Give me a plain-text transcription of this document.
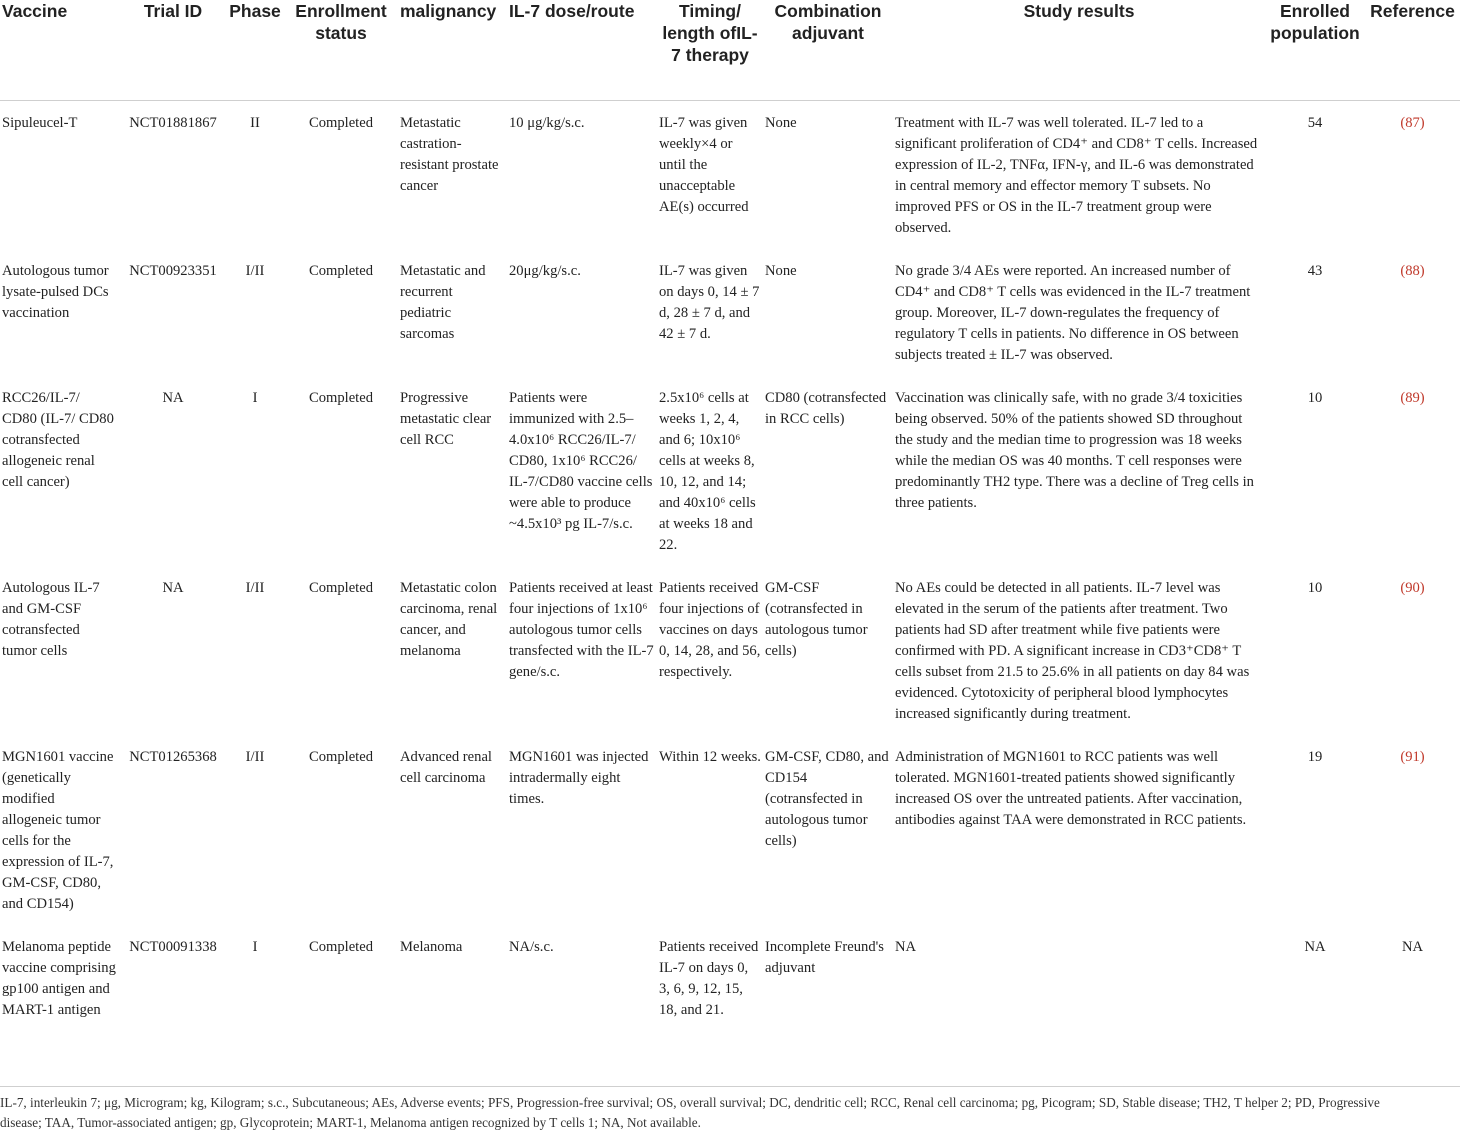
Vaccine	Trial ID	Phase	Enrollment status	malignancy	IL-7 dose/route	Timing/ length ofIL-7 therapy	Combination adjuvant	Study results	Enrolled population	Reference
Sipuleucel-T	NCT01881867	II	Completed	Metastatic castration-resistant prostate cancer	10 μg/kg/s.c.	IL-7 was given weekly×4 or until the unacceptable AE(s) occurred	None	Treatment with IL-7 was well tolerated. IL-7 led to a significant proliferation of CD4⁺ and CD8⁺ T cells. Increased expression of IL-2, TNFα, IFN-γ, and IL-6 was demonstrated in central memory and effector memory T subsets. No improved PFS or OS in the IL-7 treatment group were observed.	54	(87)
Autologous tumor lysate-pulsed DCs vaccination	NCT00923351	I/II	Completed	Metastatic and recurrent pediatric sarcomas	20μg/kg/s.c.	IL-7 was given on days 0, 14 ± 7 d, 28 ± 7 d, and 42 ± 7 d.	None	No grade 3/4 AEs were reported. An increased number of CD4⁺ and CD8⁺ T cells was evidenced in the IL-7 treatment group. Moreover, IL-7 down-regulates the frequency of regulatory T cells in patients. No difference in OS between subjects treated ± IL-7 was observed.	43	(88)
RCC26/IL-7/ CD80 (IL-7/ CD80 cotransfected allogeneic renal cell cancer)	NA	I	Completed	Progressive metastatic clear cell RCC	Patients were immunized with 2.5–4.0x10⁶ RCC26/IL-7/ CD80, 1x10⁶ RCC26/ IL-7/CD80 vaccine cells were able to produce ~4.5x10³ pg IL-7/s.c.	2.5x10⁶ cells at weeks 1, 2, 4, and 6; 10x10⁶ cells at weeks 8, 10, 12, and 14; and 40x10⁶ cells at weeks 18 and 22.	CD80 (cotransfected in RCC cells)	Vaccination was clinically safe, with no grade 3/4 toxicities being observed. 50% of the patients showed SD throughout the study and the median time to progression was 18 weeks while the median OS was 40 months. T cell responses were predominantly TH2 type. There was a decline of Treg cells in three patients.	10	(89)
Autologous IL-7 and GM-CSF cotransfected tumor cells	NA	I/II	Completed	Metastatic colon carcinoma, renal cancer, and melanoma	Patients received at least four injections of 1x10⁶ autologous tumor cells transfected with the IL-7 gene/s.c.	Patients received four injections of vaccines on days 0, 14, 28, and 56, respectively.	GM-CSF (cotransfected in autologous tumor cells)	No AEs could be detected in all patients. IL-7 level was elevated in the serum of the patients after treatment. Two patients had SD after treatment while five patients were confirmed with PD. A significant increase in CD3⁺CD8⁺ T cells subset from 21.5 to 25.6% in all patients on day 84 was evidenced. Cytotoxicity of peripheral blood lymphocytes increased significantly during treatment.	10	(90)
MGN1601 vaccine (genetically modified allogeneic tumor cells for the expression of IL-7, GM-CSF, CD80, and CD154)	NCT01265368	I/II	Completed	Advanced renal cell carcinoma	MGN1601 was injected intradermally eight times.	Within 12 weeks.	GM-CSF, CD80, and CD154 (cotransfected in autologous tumor cells)	Administration of MGN1601 to RCC patients was well tolerated. MGN1601-treated patients showed significantly increased OS over the untreated patients. After vaccination, antibodies against TAA were demonstrated in RCC patients.	19	(91)
Melanoma peptide vaccine comprising gp100 antigen and MART-1 antigen	NCT00091338	I	Completed	Melanoma	NA/s.c.	Patients received IL-7 on days 0, 3, 6, 9, 12, 15, 18, and 21.	Incomplete Freund's adjuvant	NA	NA	NA
IL-7, interleukin 7; μg, Microgram; kg, Kilogram; s.c., Subcutaneous; AEs, Adverse events; PFS, Progression-free survival; OS, overall survival; DC, dendritic cell; RCC, Renal cell carcinoma; pg, Picogram; SD, Stable disease; TH2, T helper 2; PD, Progressive
disease; TAA, Tumor-associated antigen; gp, Glycoprotein; MART-1, Melanoma antigen recognized by T cells 1; NA, Not available.
